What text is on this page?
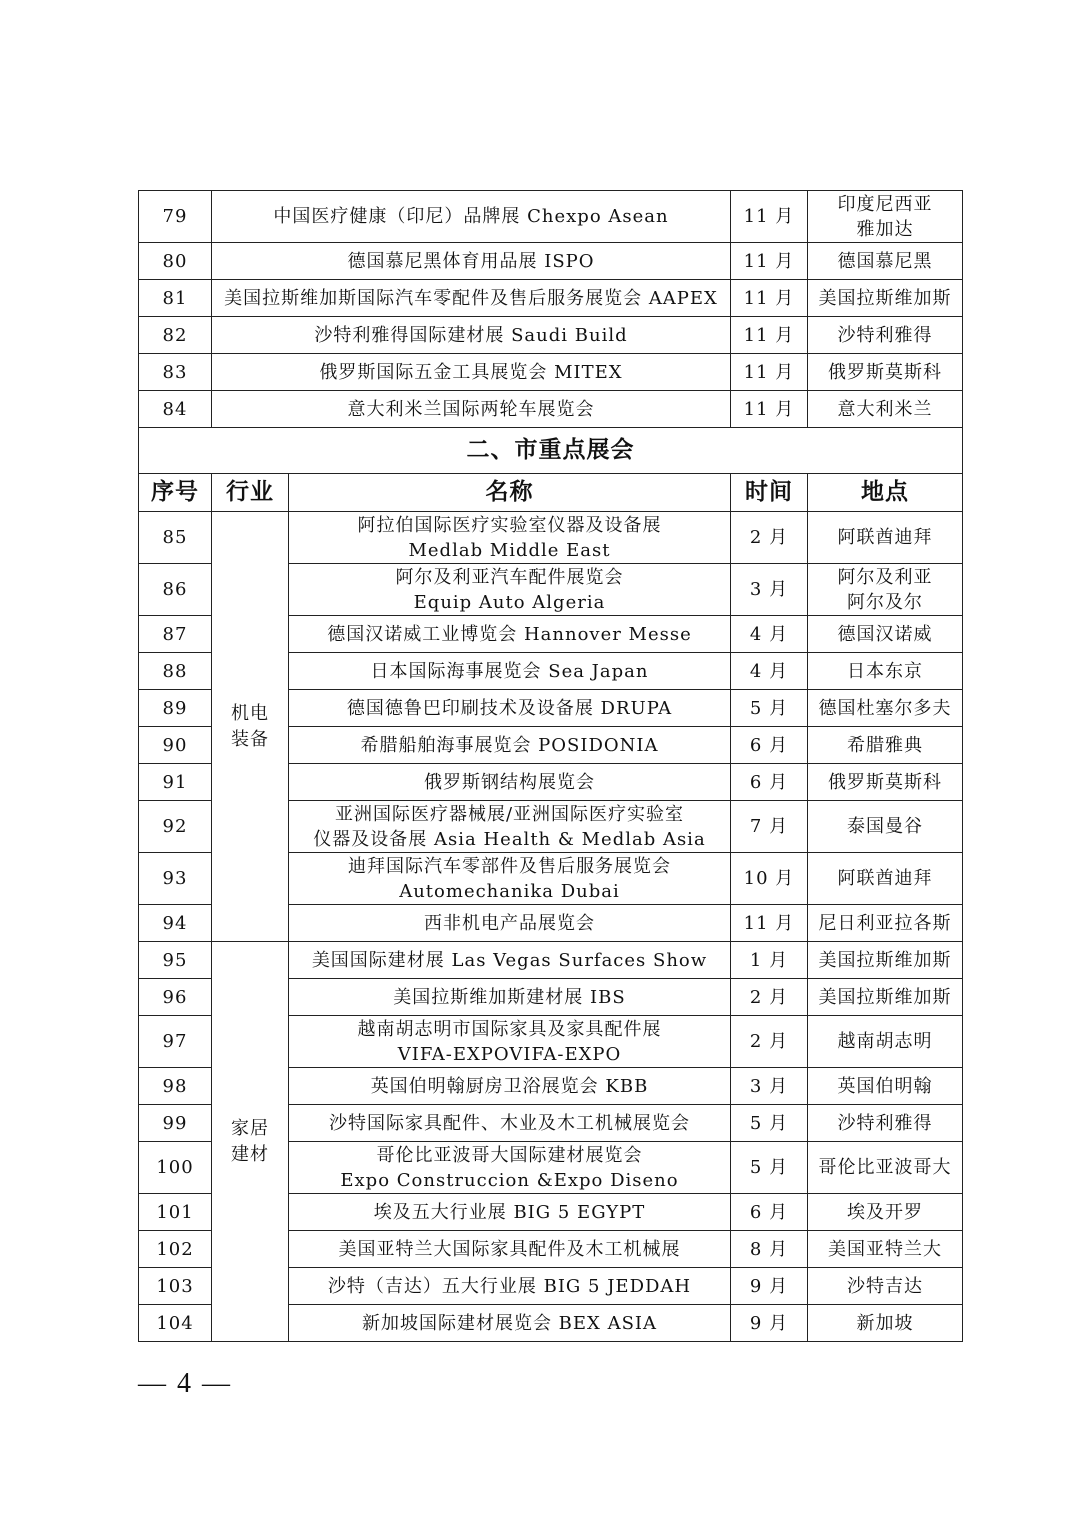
79	中国医疗健康（印尼）品牌展 Chexpo Asean		11 月	印度尼西亚
雅加达
80	德国慕尼黑体育用品展 ISPO		11 月	德国慕尼黑
81	美国拉斯维加斯国际汽车零配件及售后服务展览会 AAPEX		11 月	美国拉斯维加斯
82	沙特利雅得国际建材展 Saudi Build		11 月	沙特利雅得
83	俄罗斯国际五金工具展览会 MITEX		11 月	俄罗斯莫斯科
84	意大利米兰国际两轮车展览会		11 月	意大利米兰
二、市重点展会				
序号	行业	名称	时间	地点
85	机电装备	阿拉伯国际医疗实验室仪器及设备展
Medlab Middle East	2 月	阿联酋迪拜
86		阿尔及利亚汽车配件展览会
Equip Auto Algeria	3 月	阿尔及利亚
阿尔及尔
87		德国汉诺威工业博览会 Hannover Messe	4 月	德国汉诺威
88		日本国际海事展览会 Sea Japan	4 月	日本东京
89		德国德鲁巴印刷技术及设备展 DRUPA	5 月	德国杜塞尔多夫
90		希腊船舶海事展览会 POSIDONIA	6 月	希腊雅典
91		俄罗斯钢结构展览会	6 月	俄罗斯莫斯科
92		亚洲国际医疗器械展/亚洲国际医疗实验室
仪器及设备展 Asia Health & Medlab Asia	7 月	泰国曼谷
93		迪拜国际汽车零部件及售后服务展览会
Automechanika Dubai	10 月	阿联酋迪拜
94		西非机电产品展览会	11 月	尼日利亚拉各斯
95	家居建材	美国国际建材展 Las Vegas Surfaces Show	1 月	美国拉斯维加斯
96		美国拉斯维加斯建材展 IBS	2 月	美国拉斯维加斯
97		越南胡志明市国际家具及家具配件展
VIFA-EXPOVIFA-EXPO	2 月	越南胡志明
98		英国伯明翰厨房卫浴展览会 KBB	3 月	英国伯明翰
99		沙特国际家具配件、木业及木工机械展览会	5 月	沙特利雅得
100		哥伦比亚波哥大国际建材展览会
Expo Construccion &Expo Diseno	5 月	哥伦比亚波哥大
101		埃及五大行业展 BIG 5 EGYPT	6 月	埃及开罗
102		美国亚特兰大国际家具配件及木工机械展	8 月	美国亚特兰大
103		沙特（吉达）五大行业展 BIG 5 JEDDAH	9 月	沙特吉达
104		新加坡国际建材展览会 BEX ASIA	9 月	新加坡
— 4 —
